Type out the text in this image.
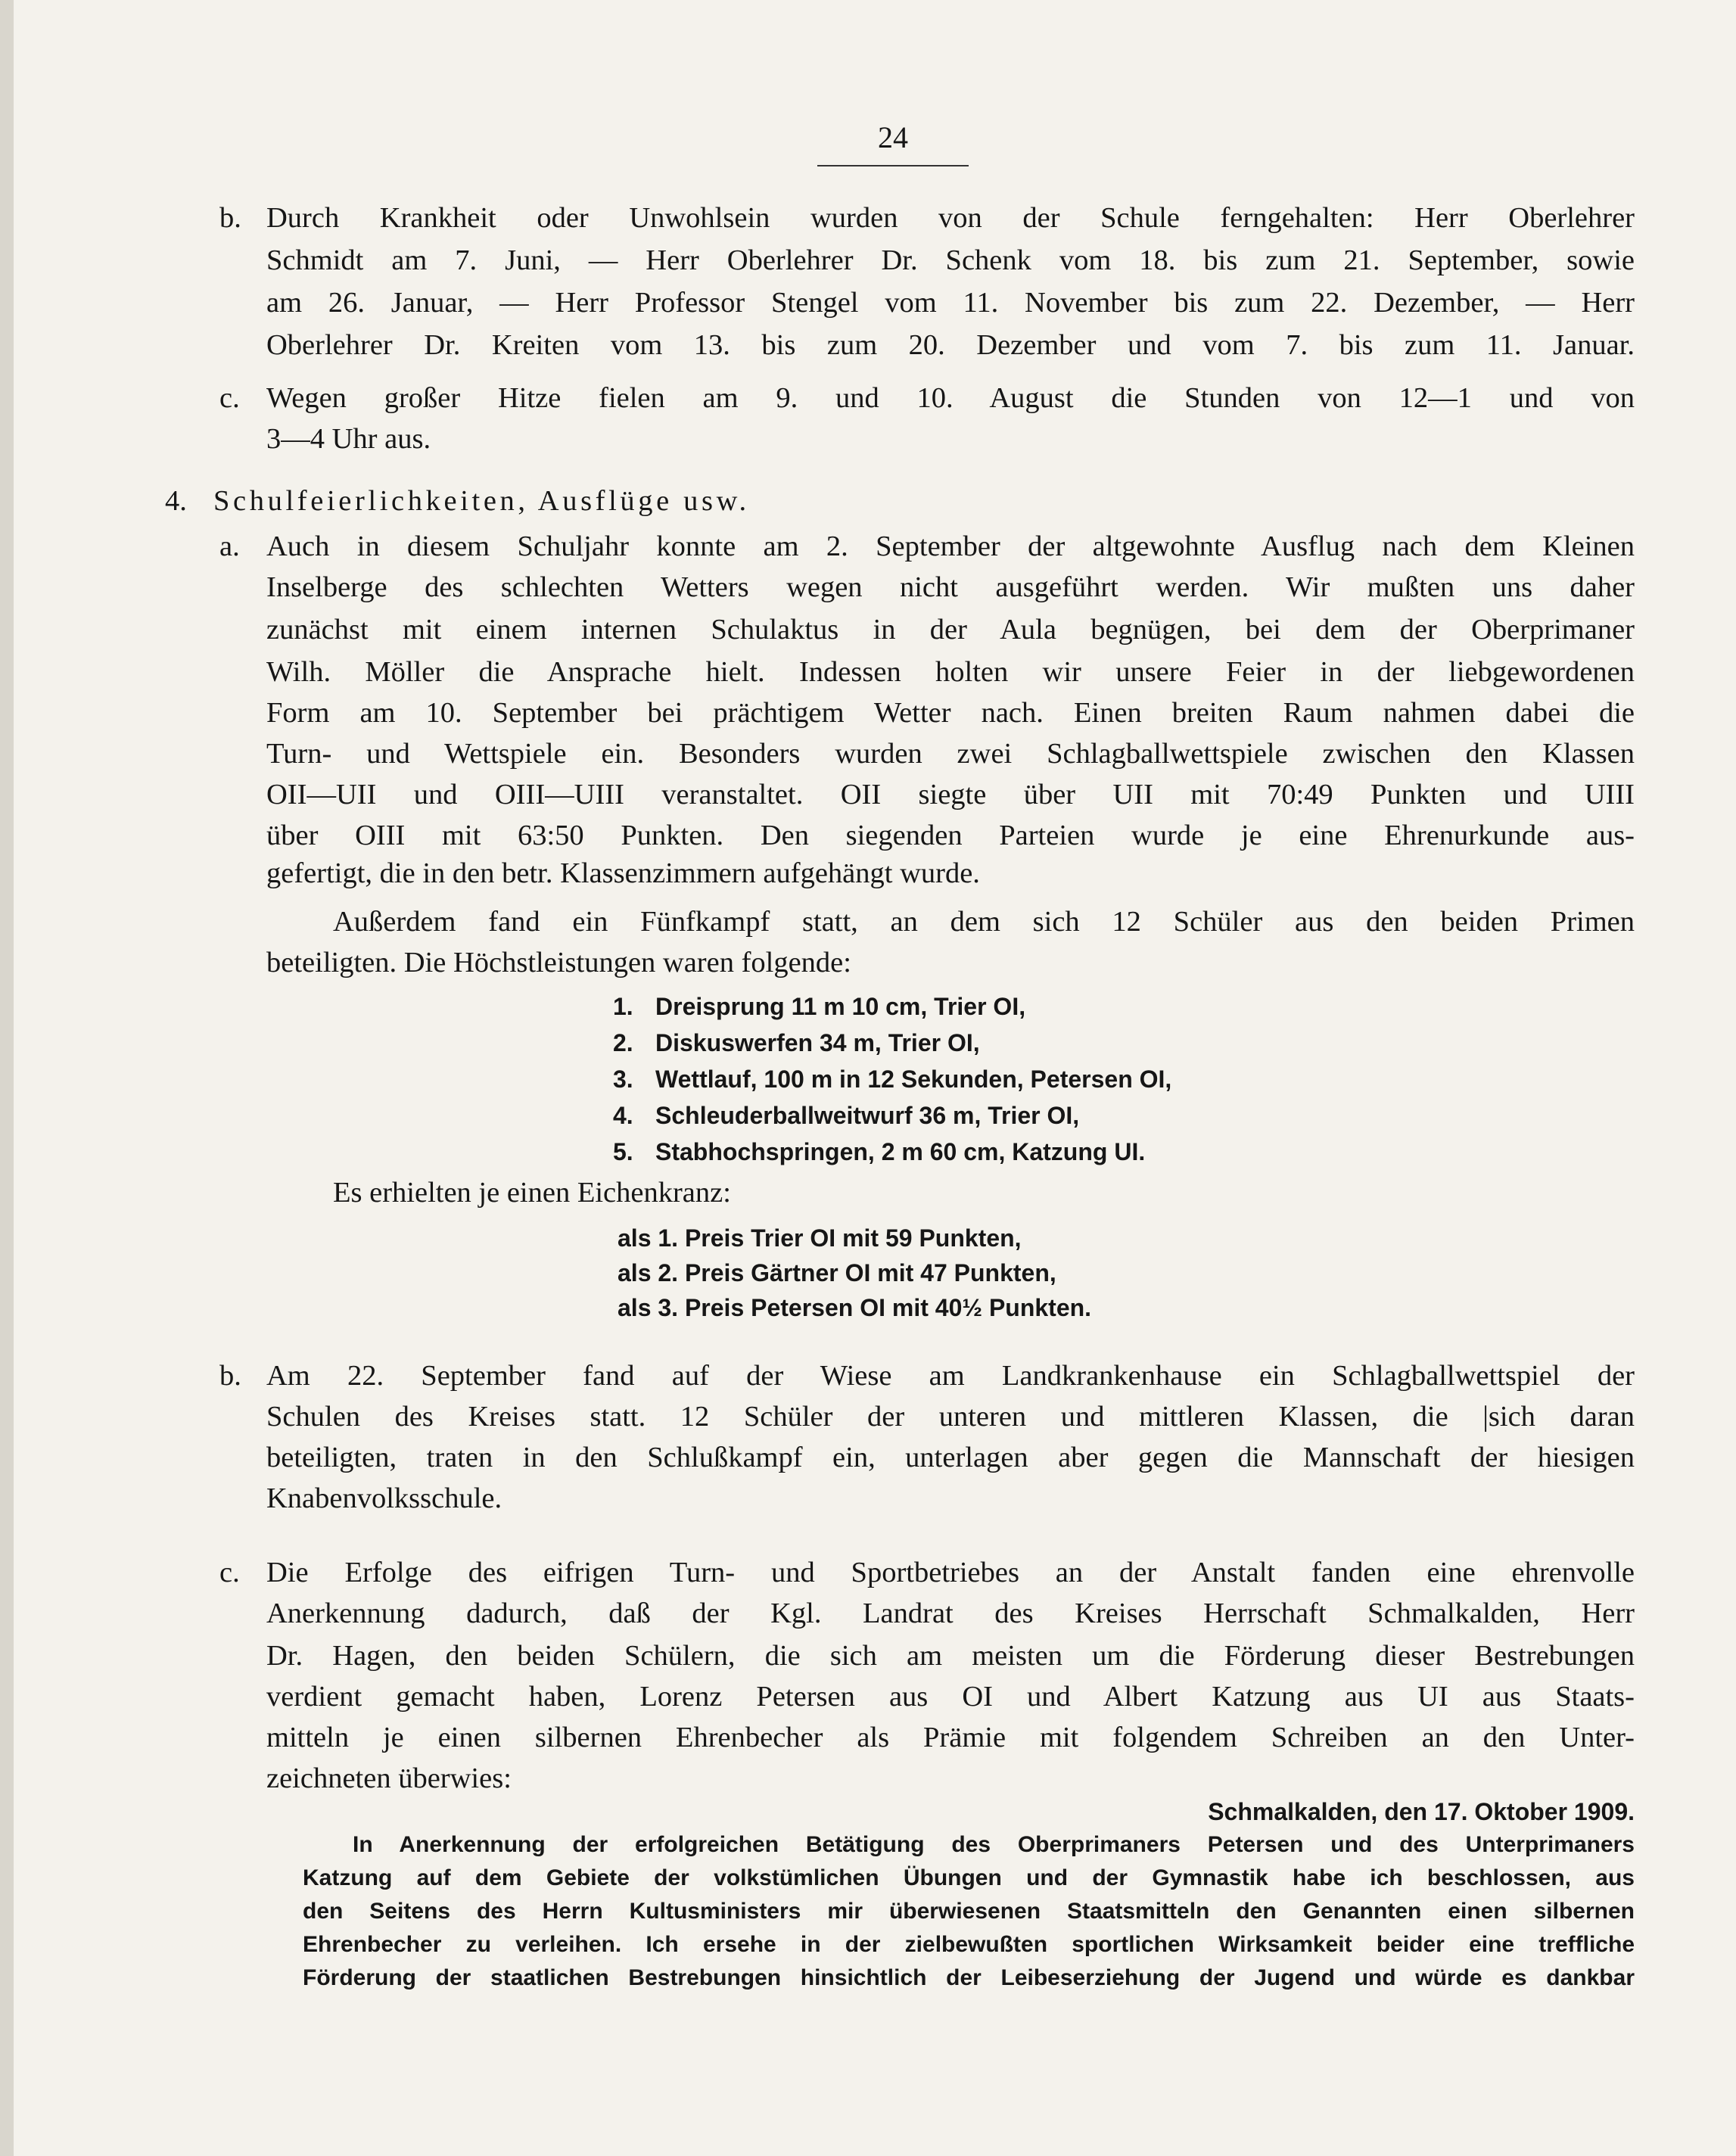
24
b. Durch Krankheit oder Unwohlsein wurden von der Schule ferngehalten: Herr Oberlehrer
Schmidt am 7. Juni, — Herr Oberlehrer Dr. Schenk vom 18. bis zum 21. September, sowie
am 26. Januar, — Herr Professor Stengel vom 11. November bis zum 22. Dezember, — Herr
Oberlehrer Dr. Kreiten vom 13. bis zum 20. Dezember und vom 7. bis zum 11. Januar.
c. Wegen großer Hitze fielen am 9. und 10. August die Stunden von 12—1 und von
3—4 Uhr aus.
4. Schulfeierlichkeiten, Ausflüge usw.
a. Auch in diesem Schuljahr konnte am 2. September der altgewohnte Ausflug nach dem Kleinen
Inselberge des schlechten Wetters wegen nicht ausgeführt werden. Wir mußten uns daher
zunächst mit einem internen Schulaktus in der Aula begnügen, bei dem der Oberprimaner
Wilh. Möller die Ansprache hielt. Indessen holten wir unsere Feier in der liebgewordenen
Form am 10. September bei prächtigem Wetter nach. Einen breiten Raum nahmen dabei die
Turn- und Wettspiele ein. Besonders wurden zwei Schlagballwettspiele zwischen den Klassen
OII—UII und OIII—UIII veranstaltet. OII siegte über UII mit 70:49 Punkten und UIII
über OIII mit 63:50 Punkten. Den siegenden Parteien wurde je eine Ehrenurkunde aus-
gefertigt, die in den betr. Klassenzimmern aufgehängt wurde.
Außerdem fand ein Fünfkampf statt, an dem sich 12 Schüler aus den beiden Primen
beteiligten. Die Höchstleistungen waren folgende:
1. Dreisprung 11 m 10 cm, Trier OI,
2. Diskuswerfen 34 m, Trier OI,
3. Wettlauf, 100 m in 12 Sekunden, Petersen OI,
4. Schleuderballweitwurf 36 m, Trier OI,
5. Stabhochspringen, 2 m 60 cm, Katzung UI.
Es erhielten je einen Eichenkranz:
als 1. Preis Trier OI mit 59 Punkten,
als 2. Preis Gärtner OI mit 47 Punkten,
als 3. Preis Petersen OI mit 40½ Punkten.
b. Am 22. September fand auf der Wiese am Landkrankenhause ein Schlagballwettspiel der
Schulen des Kreises statt. 12 Schüler der unteren und mittleren Klassen, die |sich daran
beteiligten, traten in den Schlußkampf ein, unterlagen aber gegen die Mannschaft der hiesigen
Knabenvolksschule.
c. Die Erfolge des eifrigen Turn- und Sportbetriebes an der Anstalt fanden eine ehrenvolle
Anerkennung dadurch, daß der Kgl. Landrat des Kreises Herrschaft Schmalkalden, Herr
Dr. Hagen, den beiden Schülern, die sich am meisten um die Förderung dieser Bestrebungen
verdient gemacht haben, Lorenz Petersen aus OI und Albert Katzung aus UI aus Staats-
mitteln je einen silbernen Ehrenbecher als Prämie mit folgendem Schreiben an den Unter-
zeichneten überwies:
Schmalkalden, den 17. Oktober 1909.
In Anerkennung der erfolgreichen Betätigung des Oberprimaners Petersen und des Unterprimaners
Katzung auf dem Gebiete der volkstümlichen Übungen und der Gymnastik habe ich beschlossen, aus
den Seitens des Herrn Kultusministers mir überwiesenen Staatsmitteln den Genannten einen silbernen
Ehrenbecher zu verleihen. Ich ersehe in der zielbewußten sportlichen Wirksamkeit beider eine treffliche
Förderung der staatlichen Bestrebungen hinsichtlich der Leibeserziehung der Jugend und würde es dankbar
